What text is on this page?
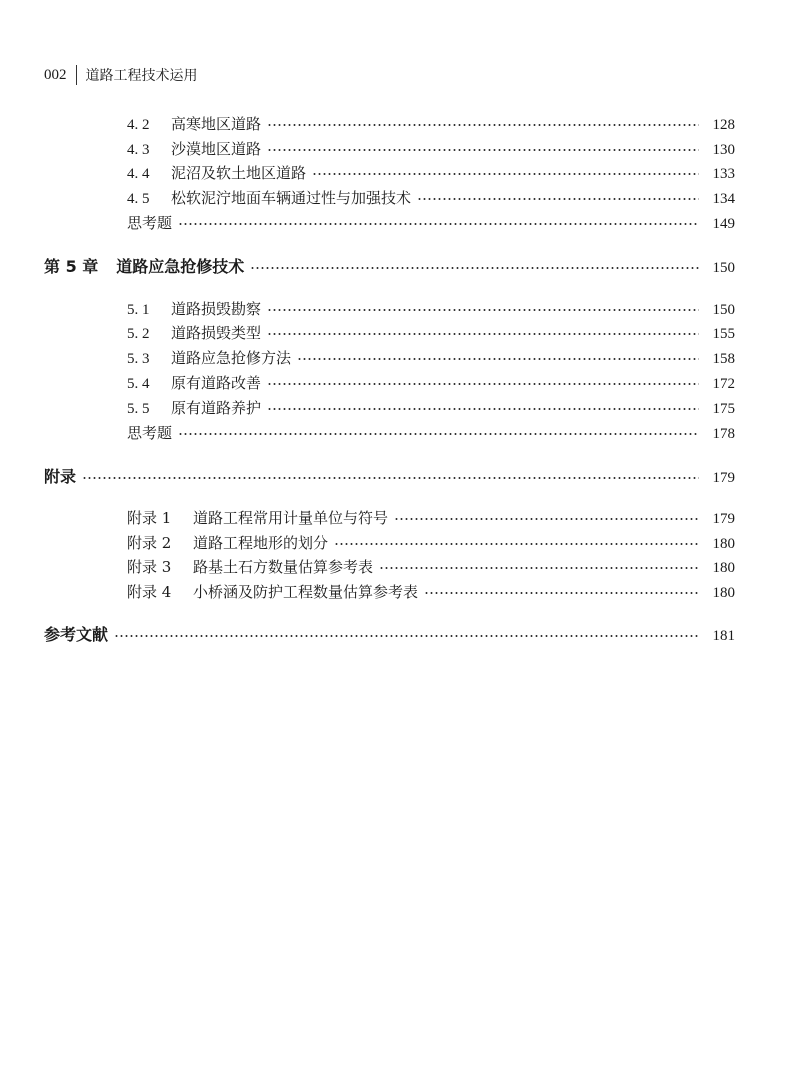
002 道路工程技术运用
4. 2	高寒地区道路	128
4. 3	沙漠地区道路	130
4. 4	泥沼及软土地区道路	133
4. 5	松软泥泞地面车辆通过性与加强技术	134
思考题	149
第 5 章 道路应急抢修技术	150
5. 1	道路损毁勘察	150
5. 2	道路损毁类型	155
5. 3	道路应急抢修方法	158
5. 4	原有道路改善	172
5. 5	原有道路养护	175
思考题	178
附录	179
附录 1	道路工程常用计量单位与符号	179
附录 2	道路工程地形的划分	180
附录 3	路基土石方数量估算参考表	180
附录 4	小桥涵及防护工程数量估算参考表	180
参考文献	181
